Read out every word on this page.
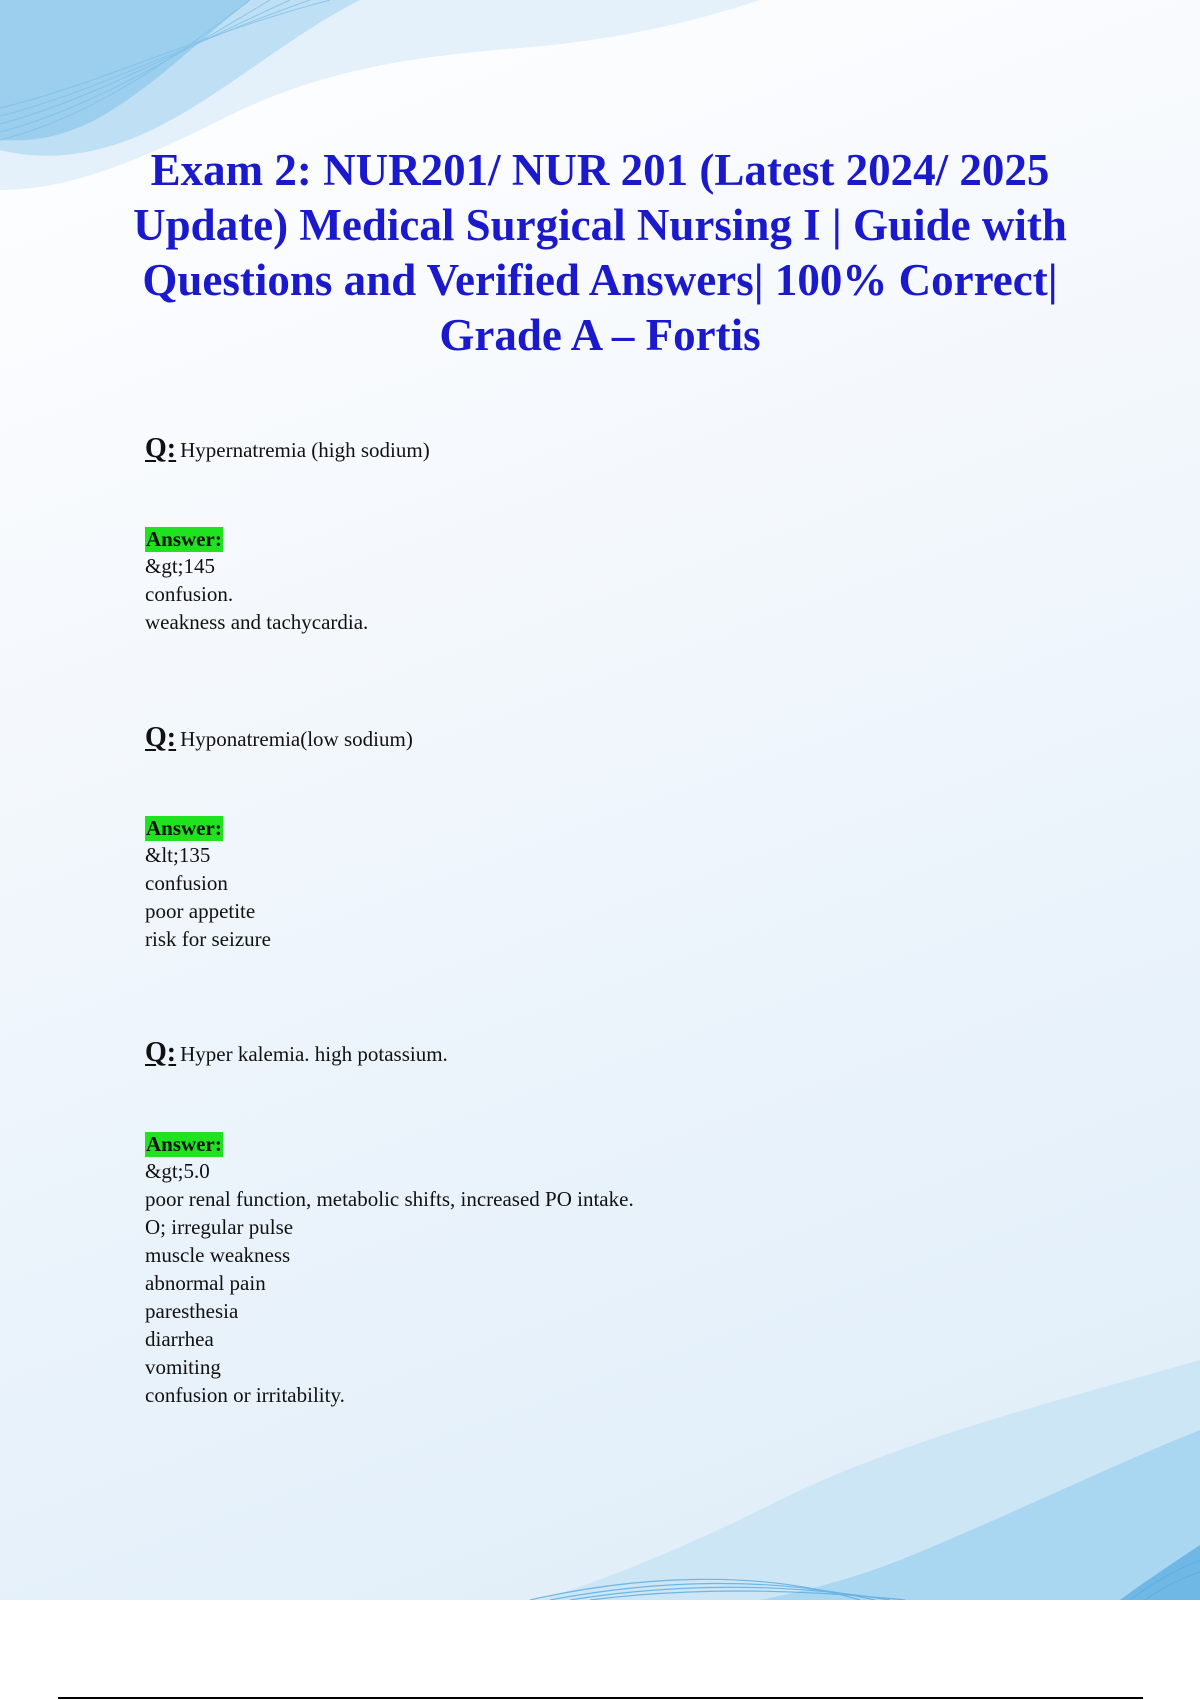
Exam 2: NUR201/ NUR 201 (Latest 2024/ 2025 Update) Medical Surgical Nursing I | Guide with Questions and Verified Answers| 100% Correct| Grade A – Fortis

Q: Hypernatremia (high sodium)

Answer:
&gt;145
confusion.
weakness and tachycardia.

Q: Hyponatremia(low sodium)

Answer:
&lt;135
confusion
poor appetite
risk for seizure

Q: Hyper kalemia. high potassium.

Answer:
&gt;5.0
poor renal function, metabolic shifts, increased PO intake.
O; irregular pulse
muscle weakness
abnormal pain
paresthesia
diarrhea
vomiting
confusion or irritability.
